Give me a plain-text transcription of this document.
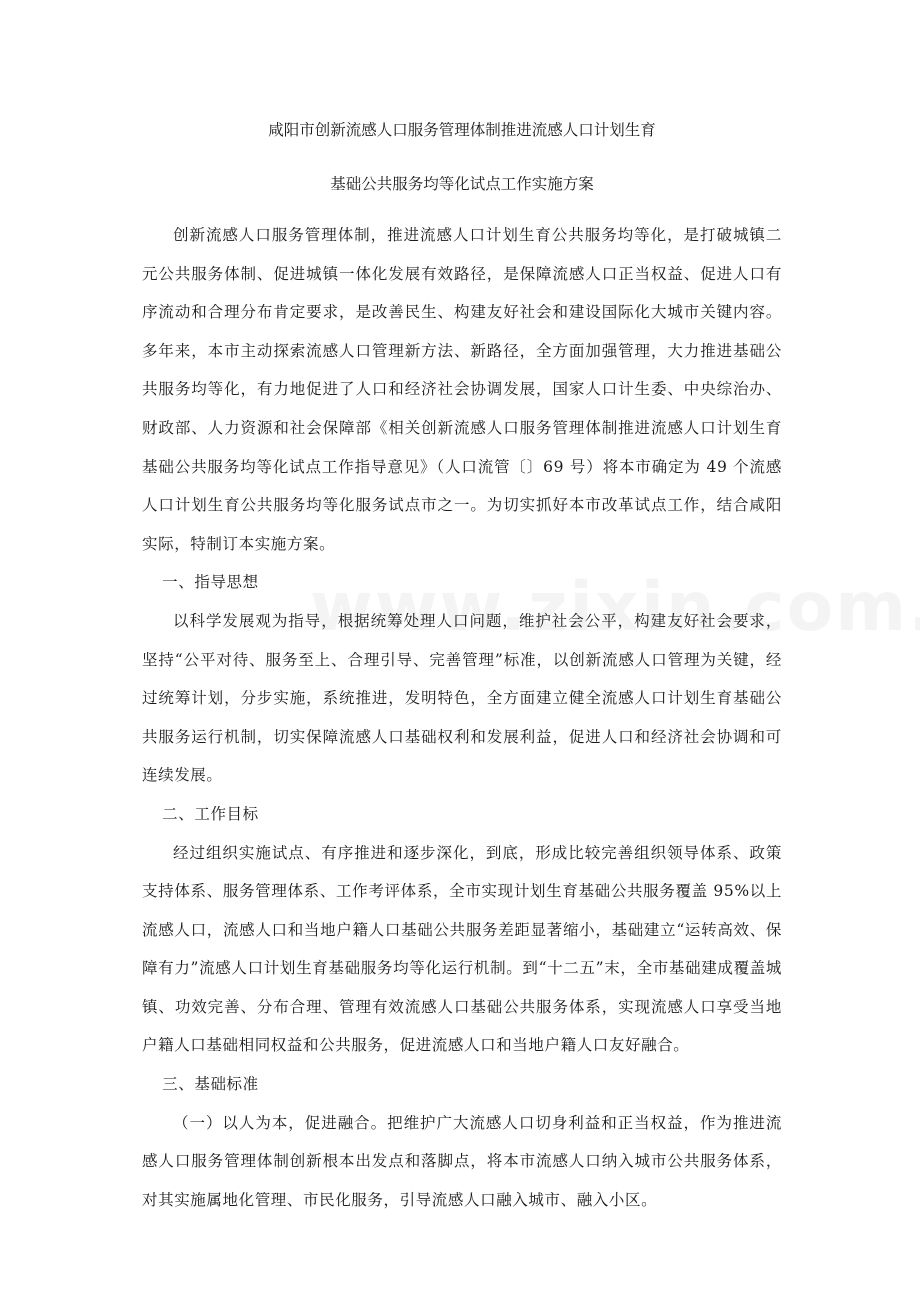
咸阳市创新流感人口服务管理体制推进流感人口计划生育

基础公共服务均等化试点工作实施方案

创新流感人口服务管理体制，推进流感人口计划生育公共服务均等化，是打破城镇二元公共服务体制、促进城镇一体化发展有效路径，是保障流感人口正当权益、促进人口有序流动和合理分布肯定要求，是改善民生、构建友好社会和建设国际化大城市关键内容。多年来，本市主动探索流感人口管理新方法、新路径，全方面加强管理，大力推进基础公共服务均等化，有力地促进了人口和经济社会协调发展，国家人口计生委、中央综治办、财政部、人力资源和社会保障部《相关创新流感人口服务管理体制推进流感人口计划生育基础公共服务均等化试点工作指导意见》（人口流管〔〕69 号）将本市确定为 49 个流感人口计划生育公共服务均等化服务试点市之一。为切实抓好本市改革试点工作，结合咸阳实际，特制订本实施方案。

一、指导思想

以科学发展观为指导，根据统筹处理人口问题，维护社会公平，构建友好社会要求，坚持“公平对待、服务至上、合理引导、完善管理”标准，以创新流感人口管理为关键，经过统筹计划，分步实施，系统推进，发明特色，全方面建立健全流感人口计划生育基础公共服务运行机制，切实保障流感人口基础权利和发展利益，促进人口和经济社会协调和可连续发展。

二、工作目标

经过组织实施试点、有序推进和逐步深化，到底，形成比较完善组织领导体系、政策支持体系、服务管理体系、工作考评体系，全市实现计划生育基础公共服务覆盖 95%以上流感人口，流感人口和当地户籍人口基础公共服务差距显著缩小，基础建立“运转高效、保障有力”流感人口计划生育基础服务均等化运行机制。到“十二五”末，全市基础建成覆盖城镇、功效完善、分布合理、管理有效流感人口基础公共服务体系，实现流感人口享受当地户籍人口基础相同权益和公共服务，促进流感人口和当地户籍人口友好融合。

三、基础标准

（一）以人为本，促进融合。把维护广大流感人口切身利益和正当权益，作为推进流感人口服务管理体制创新根本出发点和落脚点，将本市流感人口纳入城市公共服务体系，对其实施属地化管理、市民化服务，引导流感人口融入城市、融入小区。
